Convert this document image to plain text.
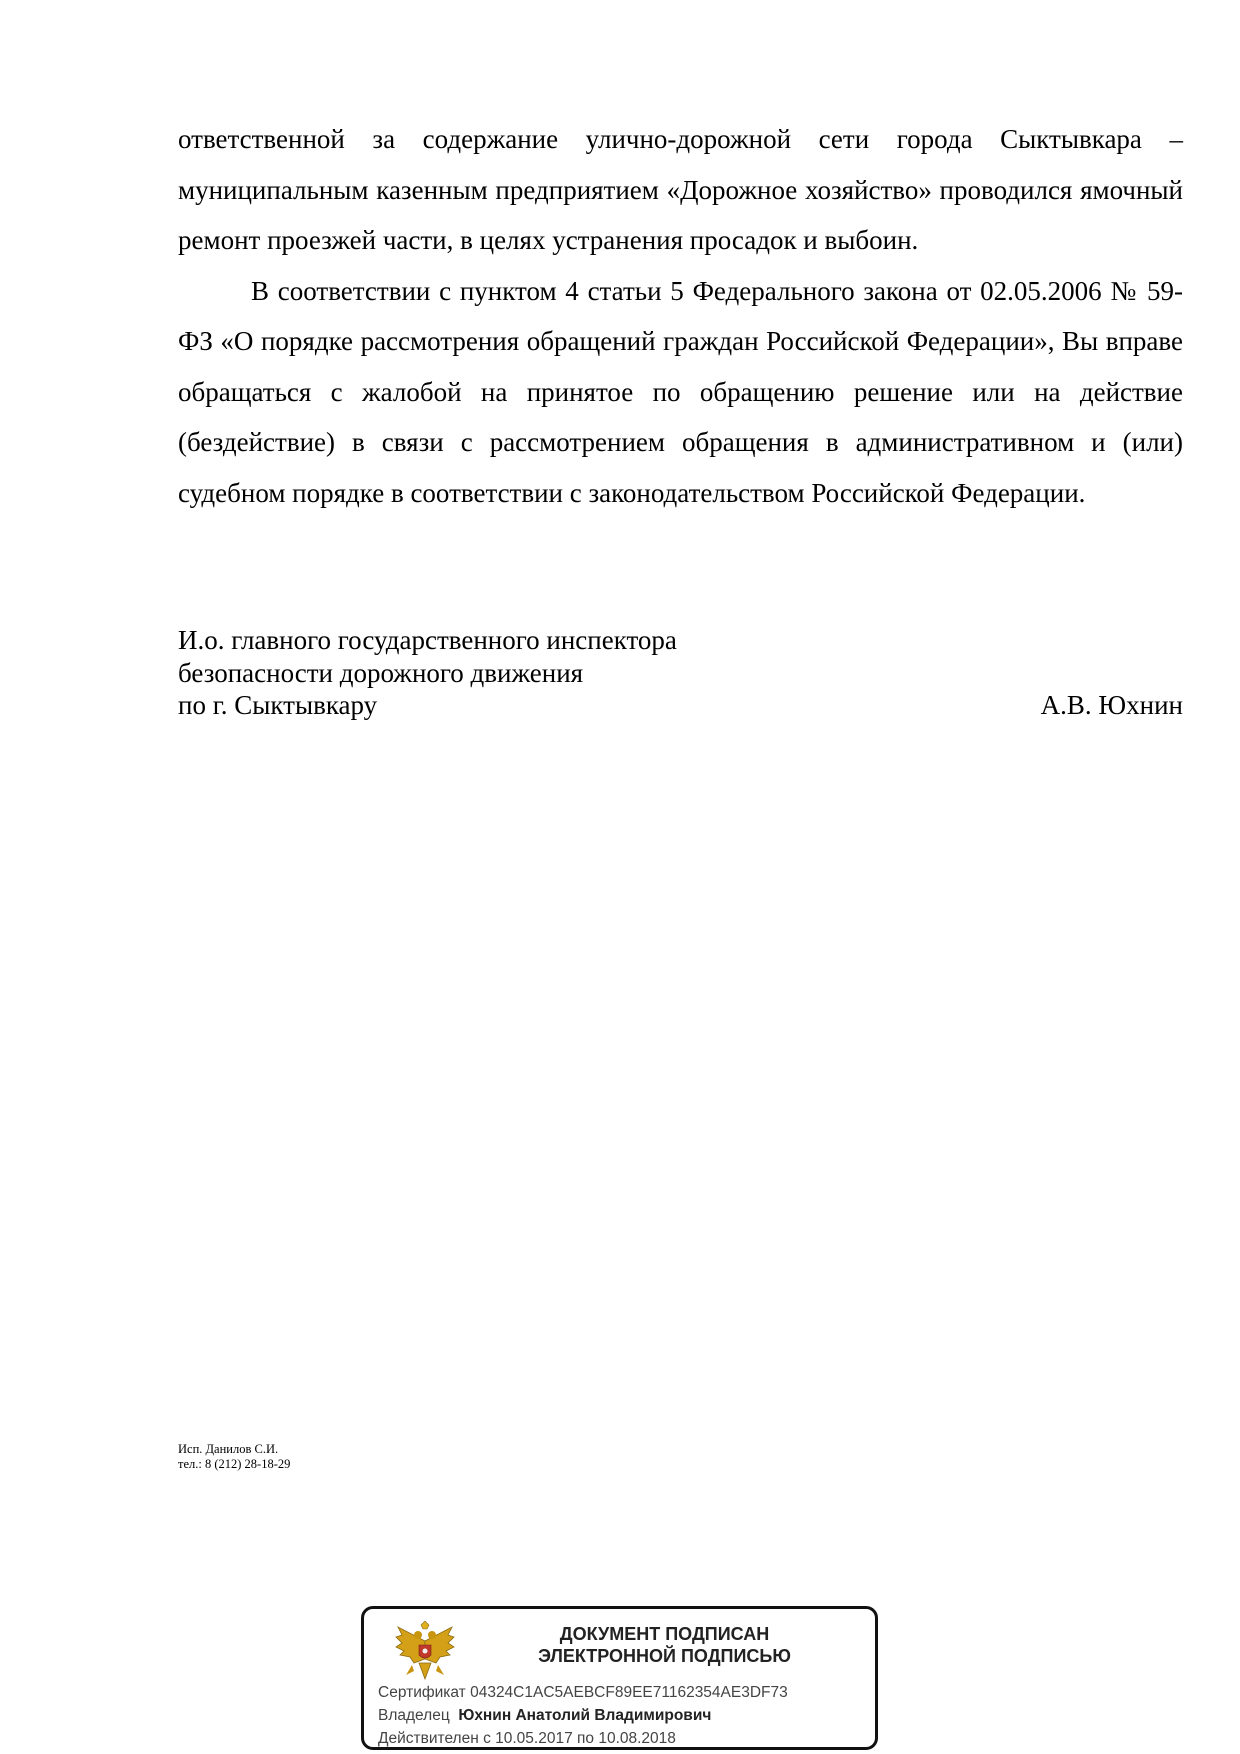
ответственной за содержание улично-дорожной сети города Сыктывкара – муниципальным казенным предприятием «Дорожное хозяйство» проводился ямочный ремонт проезжей части, в целях устранения просадок и выбоин.

В соответствии с пунктом 4 статьи 5 Федерального закона от 02.05.2006 № 59-ФЗ «О порядке рассмотрения обращений граждан Российской Федерации», Вы вправе обращаться с жалобой на принятое по обращению решение или на действие (бездействие) в связи с рассмотрением обращения в административном и (или) судебном порядке в соответствии с законодательством Российской Федерации.

И.о. главного государственного инспектора
безопасности дорожного движения
по г. Сыктывкару	А.В. Юхнин
Исп. Данилов С.И.
тел.: 8 (212) 28-18-29
ДОКУМЕНТ ПОДПИСАН
ЭЛЕКТРОННОЙ ПОДПИСЬЮ
Сертификат 04324C1AC5AEBCF89EE71162354AE3DF73
Владелец Юхнин Анатолий Владимирович
Действителен с 10.05.2017 по 10.08.2018
